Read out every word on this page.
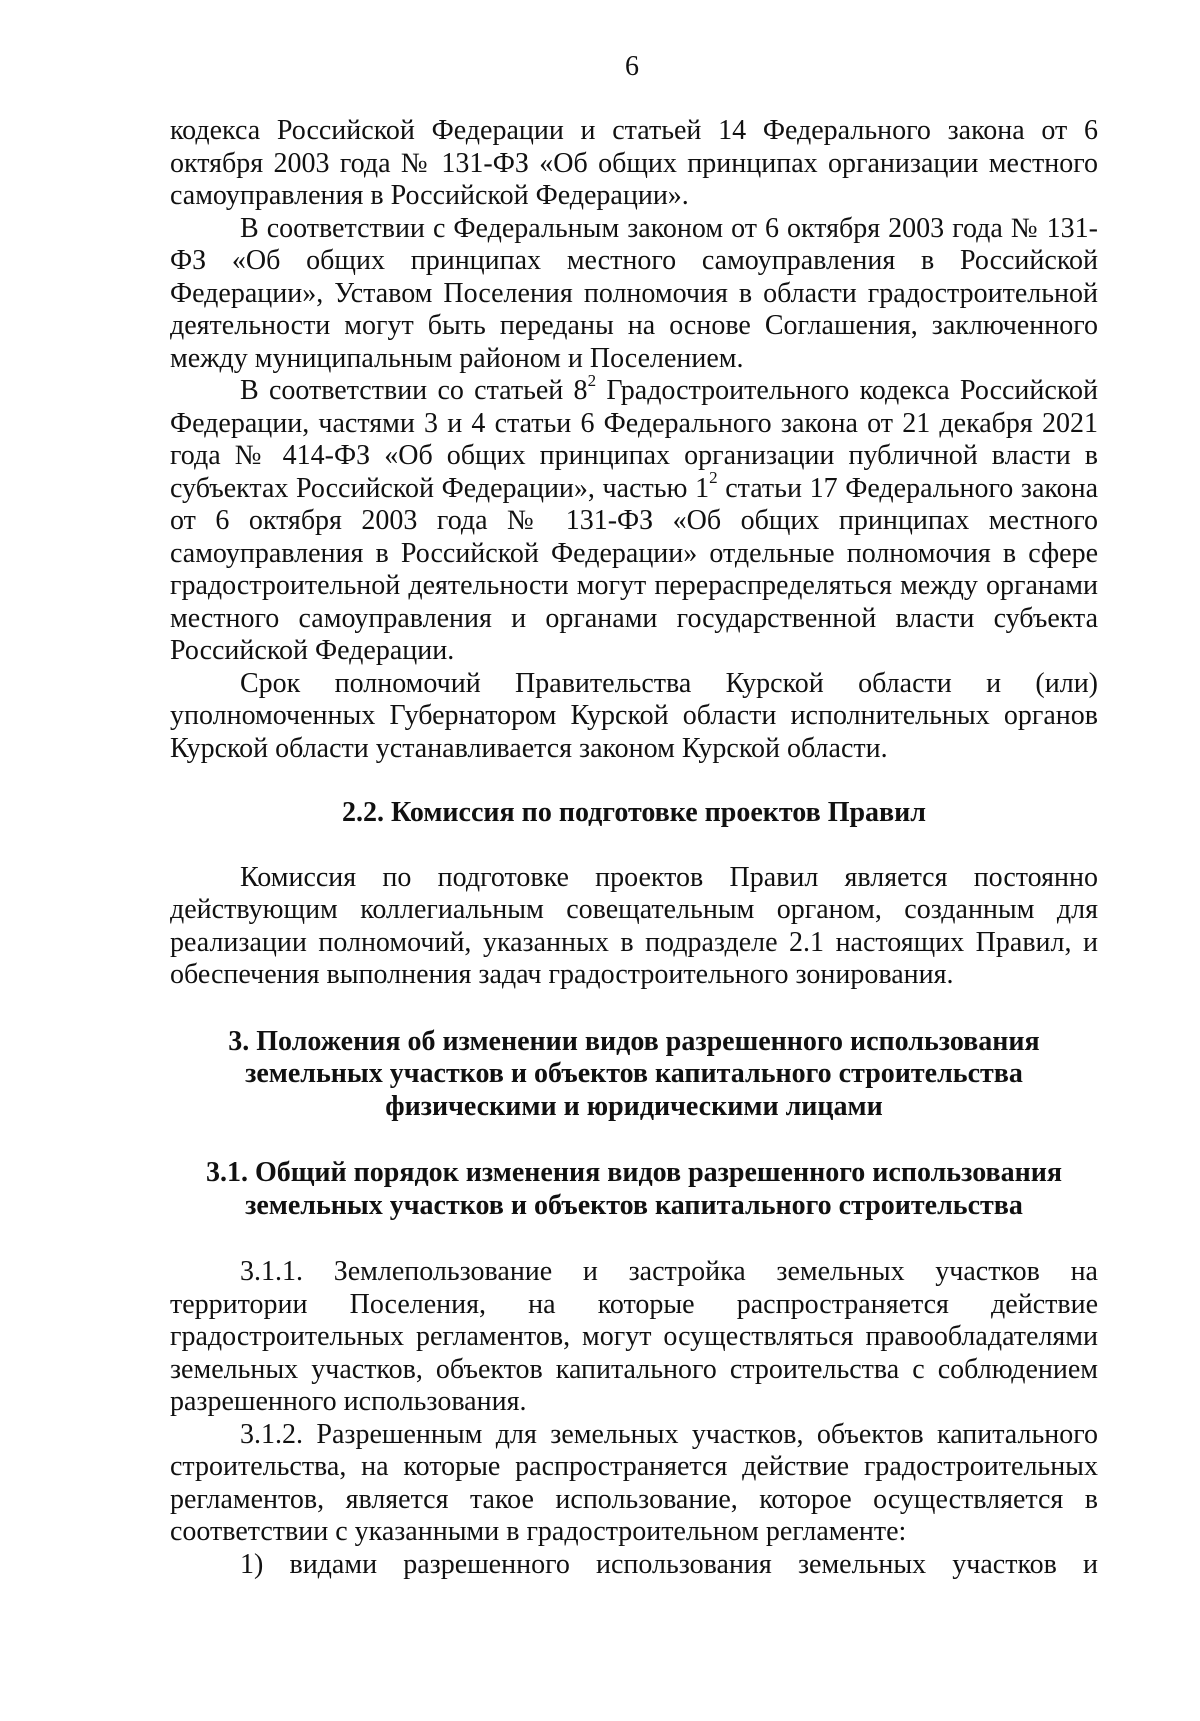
6

кодекса Российской Федерации и статьей 14 Федерального закона от 6 октября 2003 года № 131-ФЗ «Об общих принципах организации местного самоуправления в Российской Федерации».

В соответствии с Федеральным законом от 6 октября 2003 года № 131-ФЗ «Об общих принципах местного самоуправления в Российской Федерации», Уставом Поселения полномочия в области градостроительной деятельности могут быть переданы на основе Соглашения, заключенного между муниципальным районом и Поселением.

В соответствии со статьей $8^2$ Градостроительного кодекса Российской Федерации, частями 3 и 4 статьи 6 Федерального закона от 21 декабря 2021 года № 414-ФЗ «Об общих принципах организации публичной власти в субъектах Российской Федерации», частью $1^2$ статьи 17 Федерального закона от 6 октября 2003 года № 131-ФЗ «Об общих принципах местного самоуправления в Российской Федерации» отдельные полномочия в сфере градостроительной деятельности могут перераспределяться между органами местного самоуправления и органами государственной власти субъекта Российской Федерации.

Срок полномочий Правительства Курской области и (или) уполномоченных Губернатором Курской области исполнительных органов Курской области устанавливается законом Курской области.

2.2. Комиссия по подготовке проектов Правил

Комиссия по подготовке проектов Правил является постоянно действующим коллегиальным совещательным органом, созданным для реализации полномочий, указанных в подразделе 2.1 настоящих Правил, и обеспечения выполнения задач градостроительного зонирования.

3. Положения об изменении видов разрешенного использования

земельных участков и объектов капитального строительства

физическими и юридическими лицами

3.1. Общий порядок изменения видов разрешенного использования

земельных участков и объектов капитального строительства

3.1.1. Землепользование и застройка земельных участков на территории Поселения, на которые распространяется действие градостроительных регламентов, могут осуществляться правообладателями земельных участков, объектов капитального строительства с соблюдением разрешенного использования.

3.1.2. Разрешенным для земельных участков, объектов капитального строительства, на которые распространяется действие градостроительных регламентов, является такое использование, которое осуществляется в соответствии с указанными в градостроительном регламенте:

1) видами разрешенного использования земельных участков и
